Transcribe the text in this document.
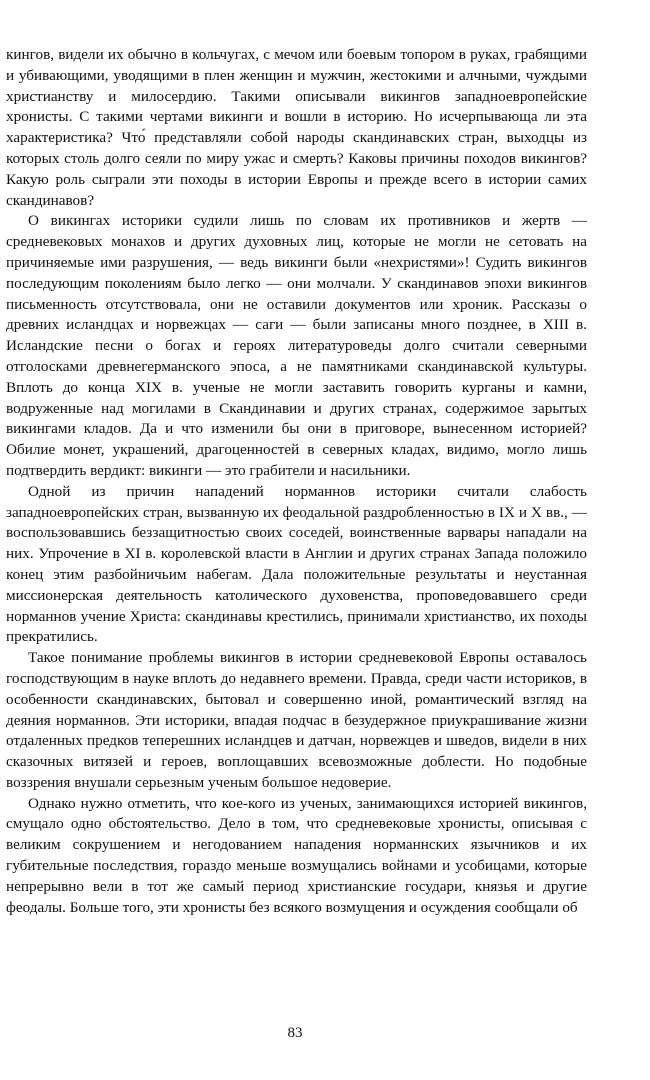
кингов, видели их обычно в кольчугах, с мечом или боевым топором в руках, грабящими и убивающими, уводящими в плен женщин и мужчин, жестокими и алчными, чуждыми христианству и милосердию. Такими описывали викингов западноевропейские хронисты. С такими чертами викинги и вошли в историю. Но исчерпывающа ли эта характеристика? Что́ представляли собой народы скандинавских стран, выходцы из которых столь долго сеяли по миру ужас и смерть? Каковы причины походов викингов? Какую роль сыграли эти походы в истории Европы и прежде всего в истории самих скандинавов?

О викингах историки судили лишь по словам их противников и жертв — средневековых монахов и других духовных лиц, которые не могли не сетовать на причиняемые ими разрушения, — ведь викинги были «нехристями»! Судить викингов последующим поколениям было легко — они молчали. У скандинавов эпохи викингов письменность отсутствовала, они не оставили документов или хроник. Рассказы о древних исландцах и норвежцах — саги — были записаны много позднее, в XIII в. Исландские песни о богах и героях литературоведы долго считали северными отголосками древнегерманского эпоса, а не памятниками скандинавской культуры. Вплоть до конца XIX в. ученые не могли заставить говорить курганы и камни, водруженные над могилами в Скандинавии и других странах, содержимое зарытых викингами кладов. Да и что изменили бы они в приговоре, вынесенном историей? Обилие монет, украшений, драгоценностей в северных кладах, видимо, могло лишь подтвердить вердикт: викинги — это грабители и насильники.

Одной из причин нападений норманнов историки считали слабость западноевропейских стран, вызванную их феодальной раздробленностью в IX и X вв., — воспользовавшись беззащитностью своих соседей, воинственные варвары нападали на них. Упрочение в XI в. королевской власти в Англии и других странах Запада положило конец этим разбойничьим набегам. Дала положительные результаты и неустанная миссионерская деятельность католического духовенства, проповедовавшего среди норманнов учение Христа: скандинавы крестились, принимали христианство, их походы прекратились.

Такое понимание проблемы викингов в истории средневековой Европы оставалось господствующим в науке вплоть до недавнего времени. Правда, среди части историков, в особенности скандинавских, бытовал и совершенно иной, романтический взгляд на деяния норманнов. Эти историки, впадая подчас в безудержное приукрашивание жизни отдаленных предков теперешних исландцев и датчан, норвежцев и шведов, видели в них сказочных витязей и героев, воплощавших всевозможные доблести. Но подобные воззрения внушали серьезным ученым большое недоверие.

Однако нужно отметить, что кое-кого из ученых, занимающихся историей викингов, смущало одно обстоятельство. Дело в том, что средневековые хронисты, описывая с великим сокрушением и негодованием нападения норманнских язычников и их губительные последствия, гораздо меньше возмущались войнами и усобицами, которые непрерывно вели в тот же самый период христианские государи, князья и другие феодалы. Больше того, эти хронисты без всякого возмущения и осуждения сообщали об

83
